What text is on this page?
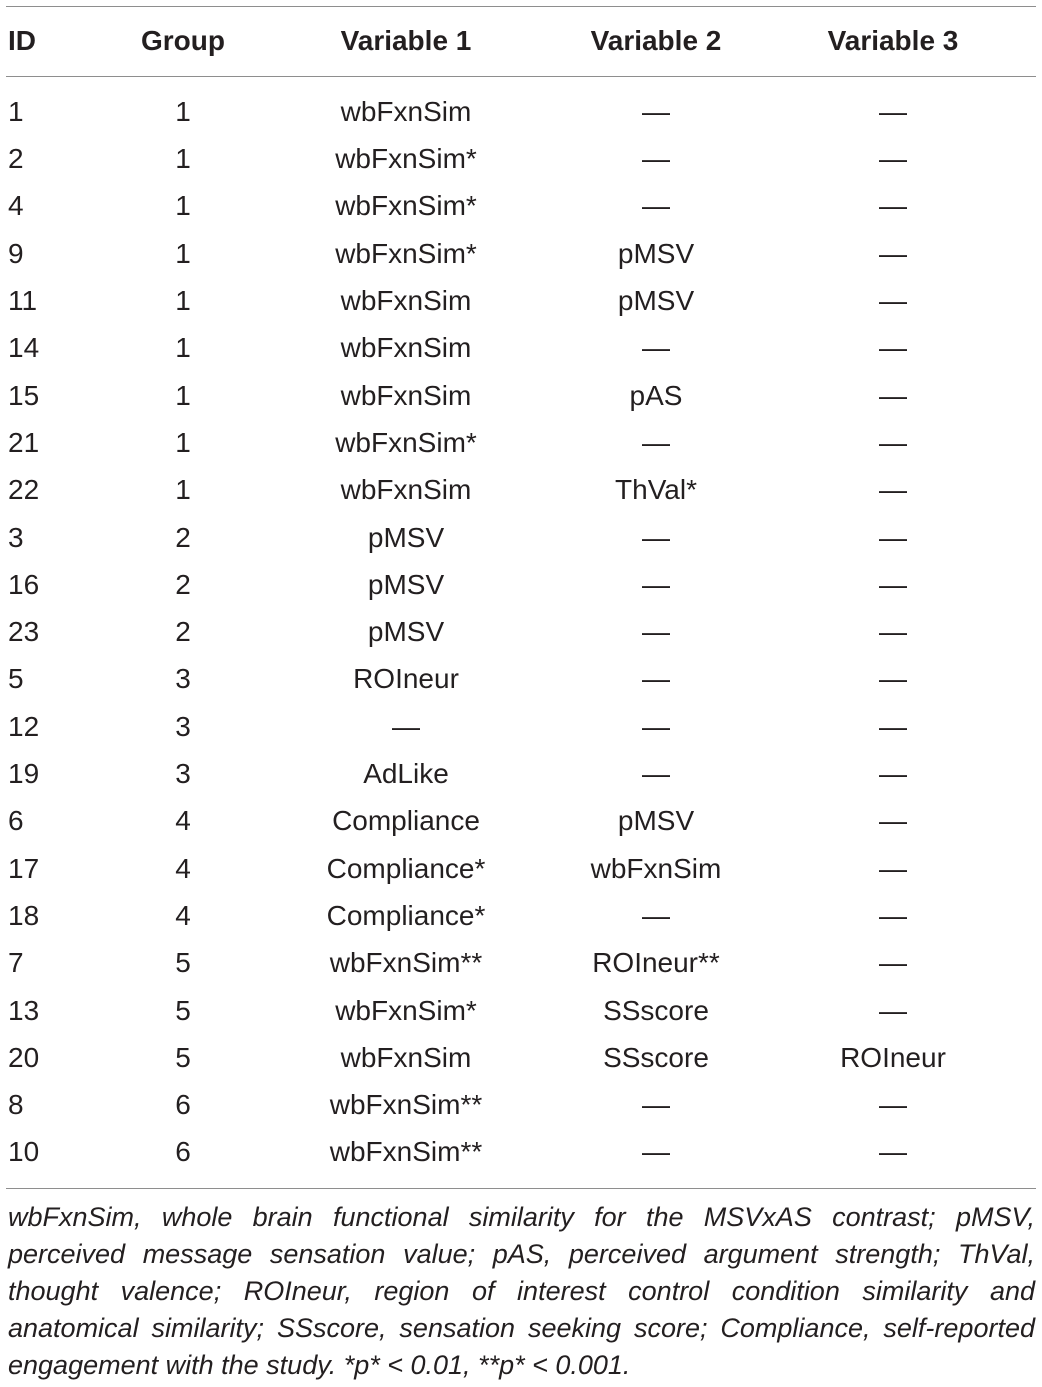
ID	Group	Variable 1	Variable 2	Variable 3
1	1	wbFxnSim	—	—
2	1	wbFxnSim*	—	—
4	1	wbFxnSim*	—	—
9	1	wbFxnSim*	pMSV	—
11	1	wbFxnSim	pMSV	—
14	1	wbFxnSim	—	—
15	1	wbFxnSim	pAS	—
21	1	wbFxnSim*	—	—
22	1	wbFxnSim	ThVal*	—
3	2	pMSV	—	—
16	2	pMSV	—	—
23	2	pMSV	—	—
5	3	ROIneur	—	—
12	3	—	—	—
19	3	AdLike	—	—
6	4	Compliance	pMSV	—
17	4	Compliance*	wbFxnSim	—
18	4	Compliance*	—	—
7	5	wbFxnSim**	ROIneur**	—
13	5	wbFxnSim*	SSscore	—
20	5	wbFxnSim	SSscore	ROIneur
8	6	wbFxnSim**	—	—
10	6	wbFxnSim**	—	—
wbFxnSim, whole brain functional similarity for the MSVxAS contrast; pMSV,
perceived message sensation value; pAS, perceived argument strength; ThVal,
thought valence; ROIneur, region of interest control condition similarity and
anatomical similarity; SSscore, sensation seeking score; Compliance, self-reported
engagement with the study. *p* < 0.01, **p* < 0.001.
